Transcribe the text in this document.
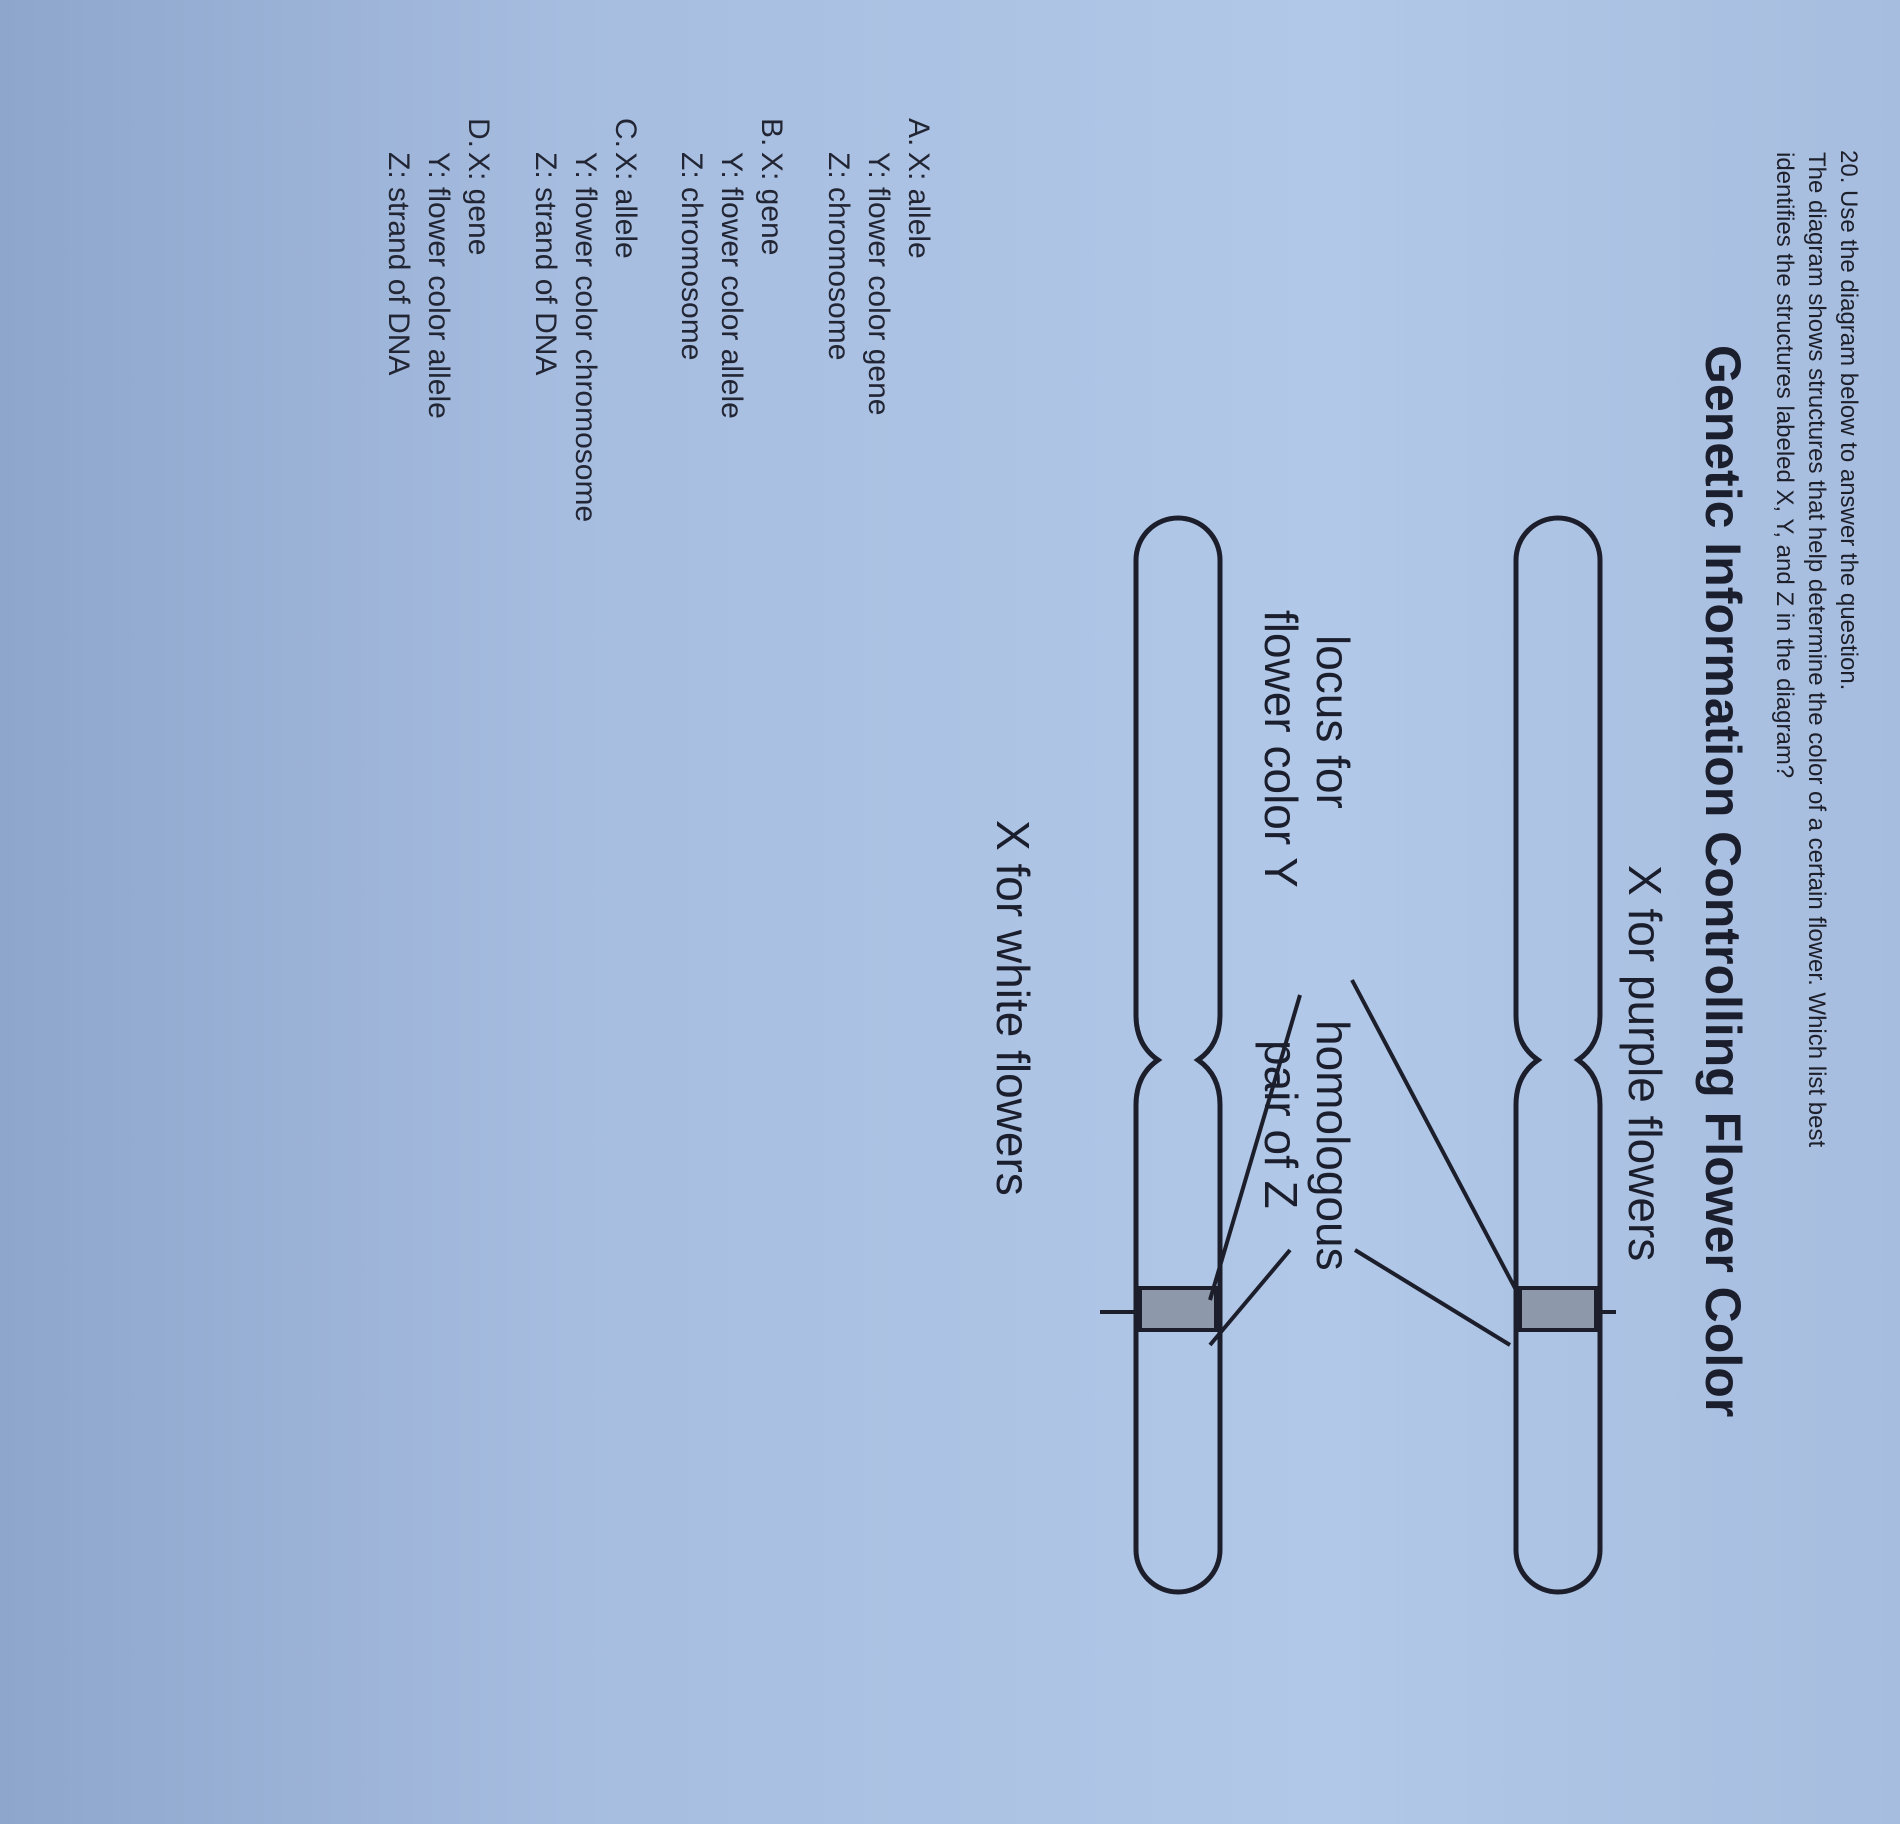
20. Use the diagram below to answer the question.
The diagram shows structures that help determine the color of a certain flower. Which list best
identifies the structures labeled X, Y, and Z in the diagram?
Genetic Information Controlling Flower Color
X for purple flowers
locus for
flower color Y
homologous
pair of Z
X for white flowers
A.
X: allele
Y: flower color gene
Z: chromosome
B.
X: gene
Y: flower color allele
Z: chromosome
C.
X: allele
Y: flower color chromosome
Z: strand of DNA
D.
X: gene
Y: flower color allele
Z: strand of DNA
